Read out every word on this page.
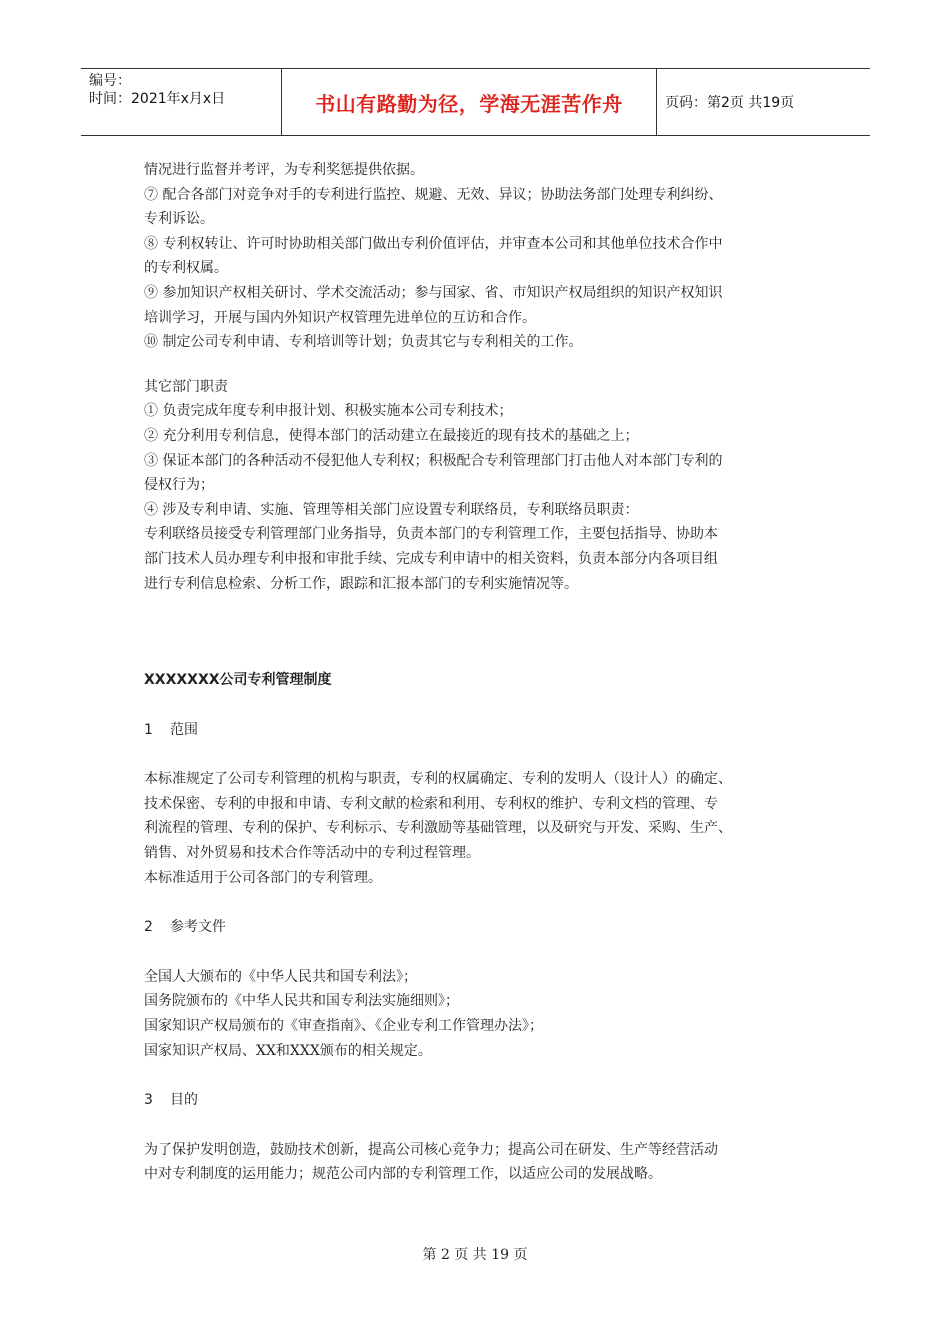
编号：
时间：2021年x月x日	书山有路勤为径，学海无涯苦作舟	页码：第2页 共19页

情况进行监督并考评，为专利奖惩提供依据。

⑦ 配合各部门对竞争对手的专利进行监控、规避、无效、异议；协助法务部门处理专利纠纷、

专利诉讼。

⑧ 专利权转让、许可时协助相关部门做出专利价值评估，并审查本公司和其他单位技术合作中

的专利权属。

⑨ 参加知识产权相关研讨、学术交流活动；参与国家、省、市知识产权局组织的知识产权知识

培训学习，开展与国内外知识产权管理先进单位的互访和合作。

⑩ 制定公司专利申请、专利培训等计划；负责其它与专利相关的工作。

其它部门职责

① 负责完成年度专利申报计划、积极实施本公司专利技术；

② 充分利用专利信息，使得本部门的活动建立在最接近的现有技术的基础之上；

③ 保证本部门的各种活动不侵犯他人专利权；积极配合专利管理部门打击他人对本部门专利的

侵权行为；

④ 涉及专利申请、实施、管理等相关部门应设置专利联络员，专利联络员职责：

专利联络员接受专利管理部门业务指导，负责本部门的专利管理工作，主要包括指导、协助本

部门技术人员办理专利申报和审批手续、完成专利申请中的相关资料，负责本部分内各项目组

进行专利信息检索、分析工作，跟踪和汇报本部门的专利实施情况等。

XXXXXXX公司专利管理制度

1 范围

本标准规定了公司专利管理的机构与职责，专利的权属确定、专利的发明人（设计人）的确定、

技术保密、专利的申报和申请、专利文献的检索和利用、专利权的维护、专利文档的管理、专

利流程的管理、专利的保护、专利标示、专利激励等基础管理，以及研究与开发、采购、生产、

销售、对外贸易和技术合作等活动中的专利过程管理。

本标准适用于公司各部门的专利管理。

2 参考文件

全国人大颁布的《中华人民共和国专利法》；

国务院颁布的《中华人民共和国专利法实施细则》；

国家知识产权局颁布的《审查指南》、《企业专利工作管理办法》；

国家知识产权局、XX和XXX颁布的相关规定。

3 目的

为了保护发明创造，鼓励技术创新，提高公司核心竞争力；提高公司在研发、生产等经营活动

中对专利制度的运用能力；规范公司内部的专利管理工作，以适应公司的发展战略。

第 2 页 共 19 页
